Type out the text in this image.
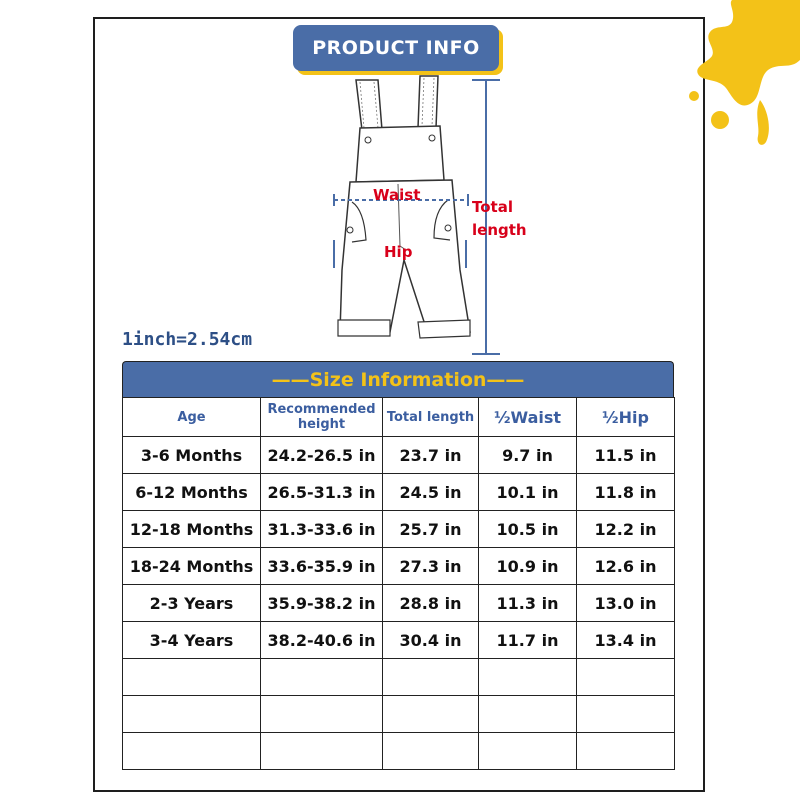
PRODUCT INFO
Waist
Hip
Total
length
1inch=2.54cm
——Size Information——
Age	Recommended height	Total length	½Waist	½Hip
3-6 Months	24.2-26.5 in	23.7 in	9.7 in	11.5 in
6-12 Months	26.5-31.3 in	24.5 in	10.1 in	11.8 in
12-18 Months	31.3-33.6 in	25.7 in	10.5 in	12.2 in
18-24 Months	33.6-35.9 in	27.3 in	10.9 in	12.6 in
2-3 Years	35.9-38.2 in	28.8 in	11.3 in	13.0 in
3-4 Years	38.2-40.6 in	30.4 in	11.7 in	13.4 in
